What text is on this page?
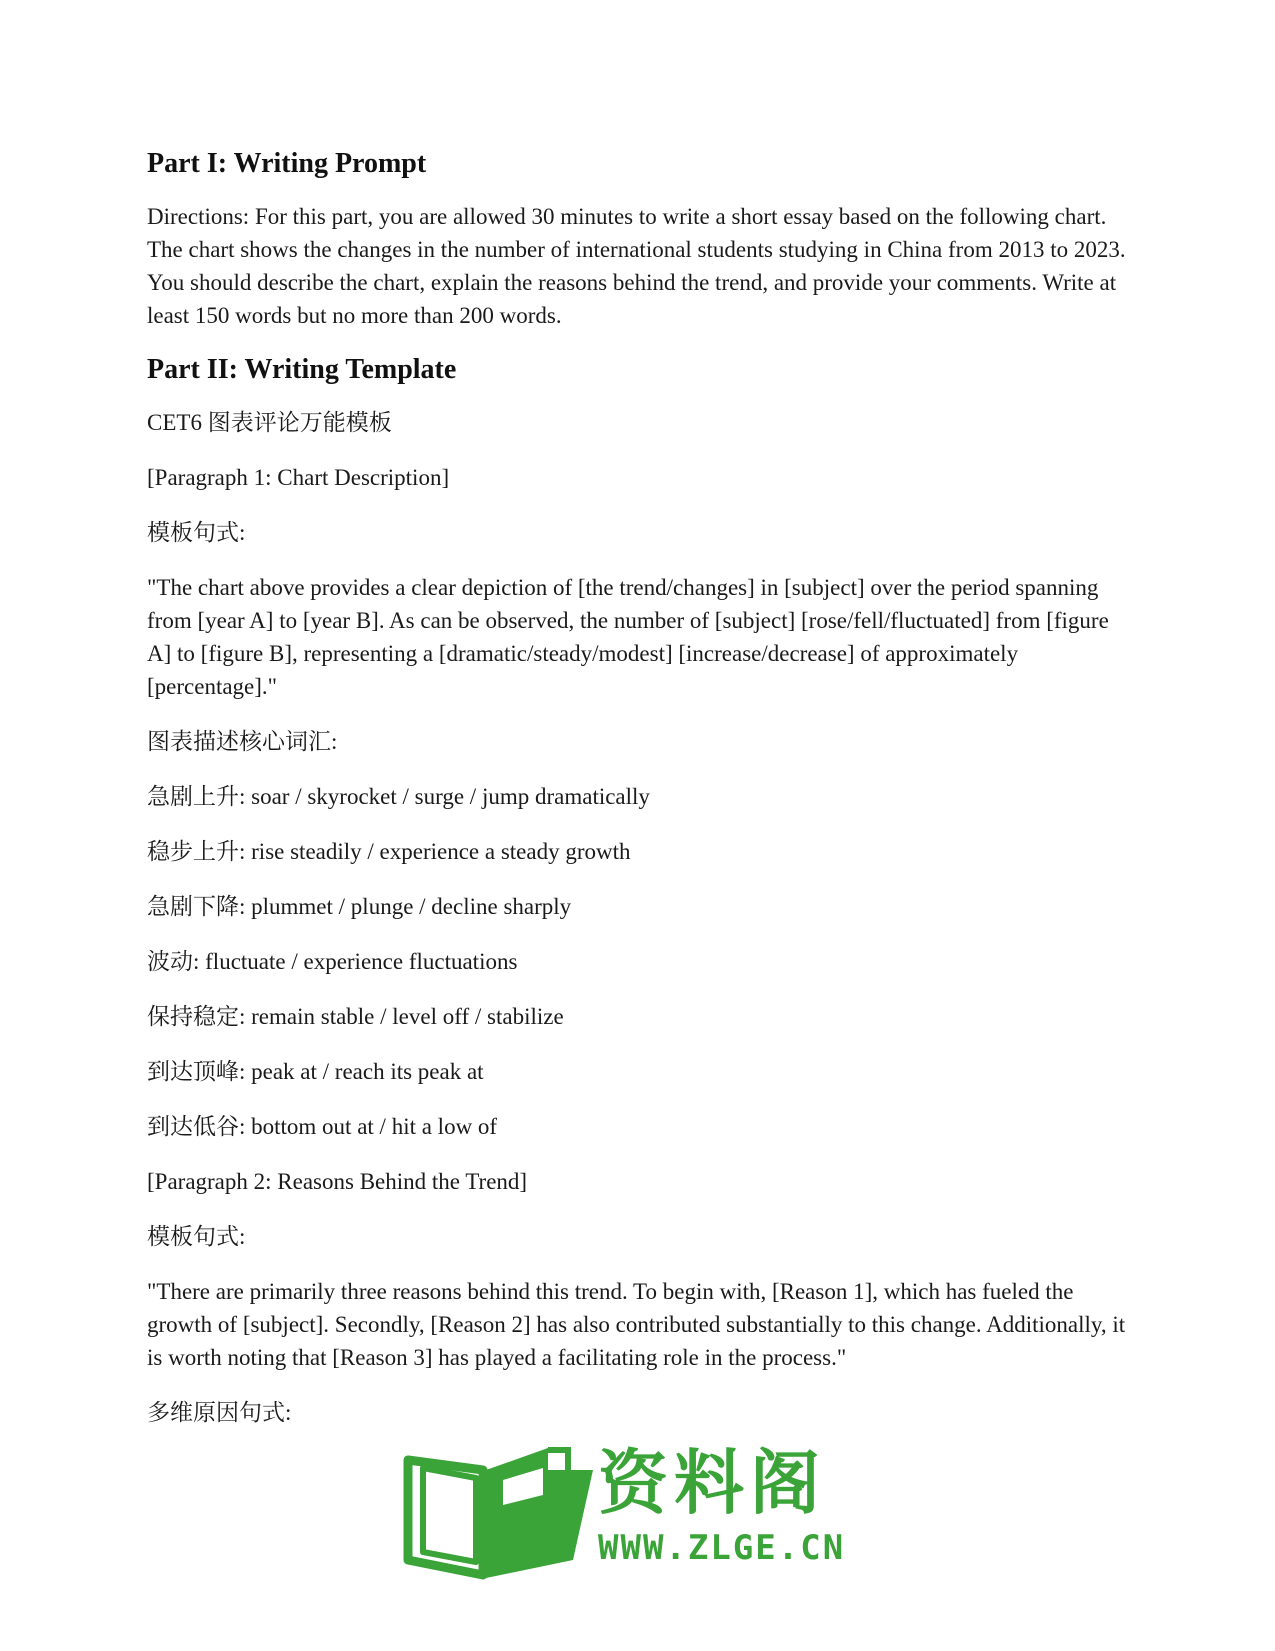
Part I: Writing Prompt

Directions: For this part, you are allowed 30 minutes to write a short essay based on the following chart. The chart shows the changes in the number of international students studying in China from 2013 to 2023. You should describe the chart, explain the reasons behind the trend, and provide your comments. Write at least 150 words but no more than 200 words.

Part II: Writing Template

CET6 图表评论万能模板

[Paragraph 1: Chart Description]

模板句式:

"The chart above provides a clear depiction of [the trend/changes] in [subject] over the period spanning from [year A] to [year B]. As can be observed, the number of [subject] [rose/fell/fluctuated] from [figure A] to [figure B], representing a [dramatic/steady/modest] [increase/decrease] of approximately [percentage]."

图表描述核心词汇:

急剧上升: soar / skyrocket / surge / jump dramatically

稳步上升: rise steadily / experience a steady growth

急剧下降: plummet / plunge / decline sharply

波动: fluctuate / experience fluctuations

保持稳定: remain stable / level off / stabilize

到达顶峰: peak at / reach its peak at

到达低谷: bottom out at / hit a low of

[Paragraph 2: Reasons Behind the Trend]

模板句式:

"There are primarily three reasons behind this trend. To begin with, [Reason 1], which has fueled the growth of [subject]. Secondly, [Reason 2] has also contributed substantially to this change. Additionally, it is worth noting that [Reason 3] has played a facilitating role in the process."

多维原因句式:

资料阁
WWW.ZLGE.CN
